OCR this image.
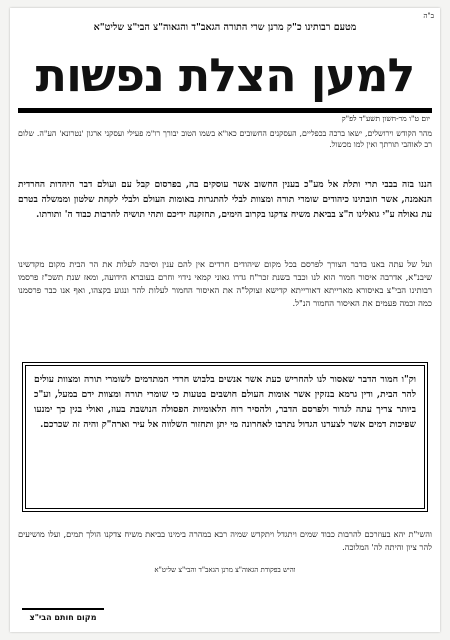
ב"ה
מטעם רבותינו כ"ק מרנן שרי התורה הגאב"ד והגאוה"צ הבי"צ שליט"א
למען הצלת נפשות
יום ט"ו מר-חשון תשע"ד לפ"ק

מהר הקודש וירושלים, ישאו ברכה בכפליים, העסקנים החשובים כאו"א בשמו הטוב יבורך רו"מ פעילי ועסקני ארגון 'נטרונא' הע"ה. שלום רב לאוהבי תורתך ואין למו מכשול.

הננו בזה בבבי תרי ותלת אל מע"כ בענין החשוב אשר עוסקים בה, בפרסום קבל עם ועולם דבר היהדות החרדית הנאמנה, אשר חובתינו כיהודים שומרי תורה ומצוות לבלי להתגרות באומות העולם ולבלי לקחת שלטון וממשלה בטרם עת גאולה ע"י גואלינו ה"צ בביאת משיח צדקנו בקרוב הימים, תחזקנה ידיכם ותהי תושיה להרבות כבוד ה' ותורתו.

ועל של עתה באנו בדבר הצורך לפרסם בכל מקום שיהודים חרדים אין להם ענין וסיבה לעלות את הר הבית מקום מקדשינו שיבנ"א, אדרבה איסור חמור הוא לנו וכבר בשנת זכר"ח גדרו גאוני קמאי נידוי וחרם בעוברא הידועה, ומאז שנת תשכ"ז פרסמו רבותינו הבי"צ באיסורא מארייתא דאורייתא קדישא זצוקל"ה את האיסור החמור לעלות להר ונגוע בקצהו, ואף אנו כבר פרסמנו כמה וכמה פעמים את האיסור החמור הנ"ל.

וק"ו חמור הדבר שאסור לנו להחריש כעת אשר אנשים בלבוש חרדי המתדמים לשומרי תורה ומצוות עולים להר הבית, ודין גרמא בנזקין אשר אומות העולם חושבים בטעות כי שומרי תורה ומצוות ידם במעל, וע"כ ביותר צריך עתה לגדור ולפרסם הדבר, ולהסיר רוח הלאומיות הפסולה הנושבת בעוז, ואולי בגין כך ימנעו שפיכות דמים אשר לצערנו הגדול נתרבו לאחרונה מי יתן ותחזור השלווה אל עיר וארה"ק והיה זה שכרכם.
והשי"ת יהא בעוזרכם להרבות כבוד שמים ויתגדל ויתקדש שמיה רבא במהרה בימינו בביאת משיח צדקנו הולך תמים, ועלו מושיעים להר ציון והיתה לה' המלוכה.
והיש בפקודת הגאוה"צ מרנן הגאב"ד והבי"צ שליט"א
מקום חותם הבי"צ
